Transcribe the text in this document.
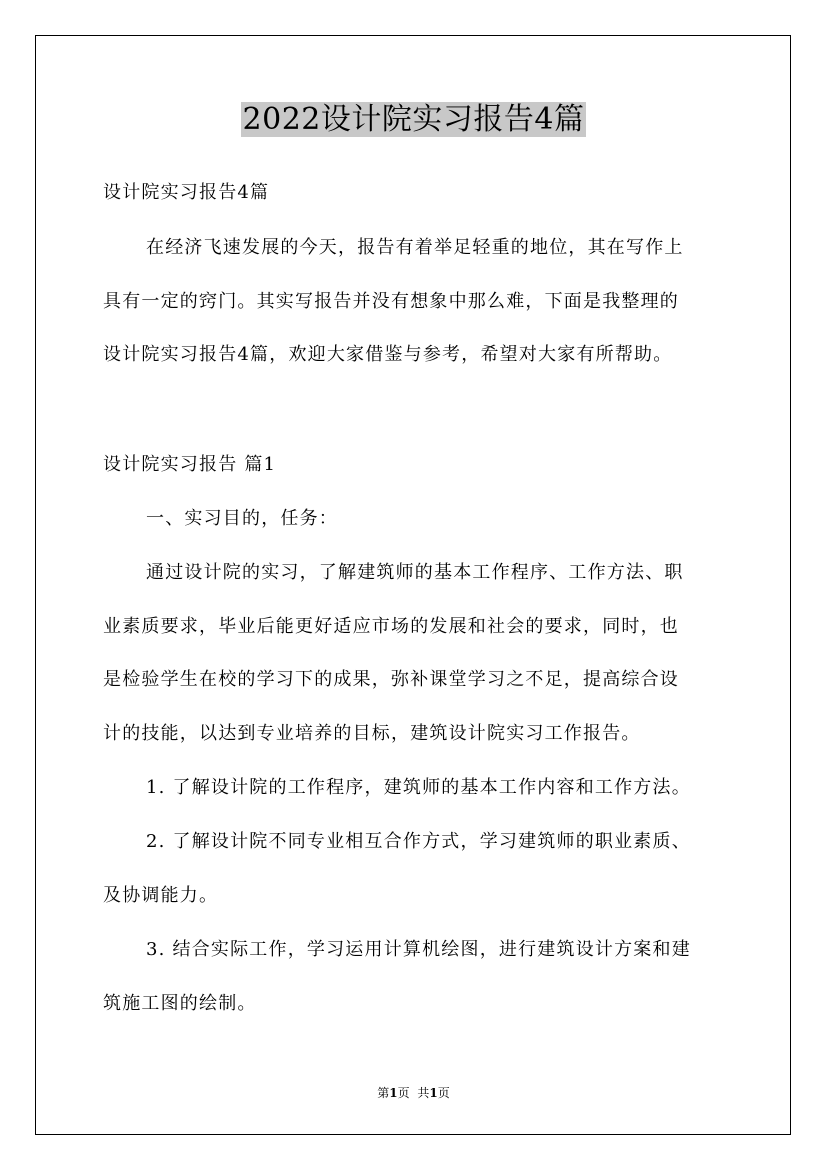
2022设计院实习报告4篇
设计院实习报告4篇
在经济飞速发展的今天，报告有着举足轻重的地位，其在写作上
具有一定的窍门。其实写报告并没有想象中那么难，下面是我整理的
设计院实习报告4篇，欢迎大家借鉴与参考，希望对大家有所帮助。
设计院实习报告 篇1
一、实习目的，任务：
通过设计院的实习，了解建筑师的基本工作程序、工作方法、职
业素质要求，毕业后能更好适应市场的发展和社会的要求，同时，也
是检验学生在校的学习下的成果，弥补课堂学习之不足，提高综合设
计的技能，以达到专业培养的目标，建筑设计院实习工作报告。
1. 了解设计院的工作程序，建筑师的基本工作内容和工作方法。
2. 了解设计院不同专业相互合作方式，学习建筑师的职业素质、
及协调能力。
3. 结合实际工作，学习运用计算机绘图，进行建筑设计方案和建
筑施工图的绘制。
第1页 共1页
